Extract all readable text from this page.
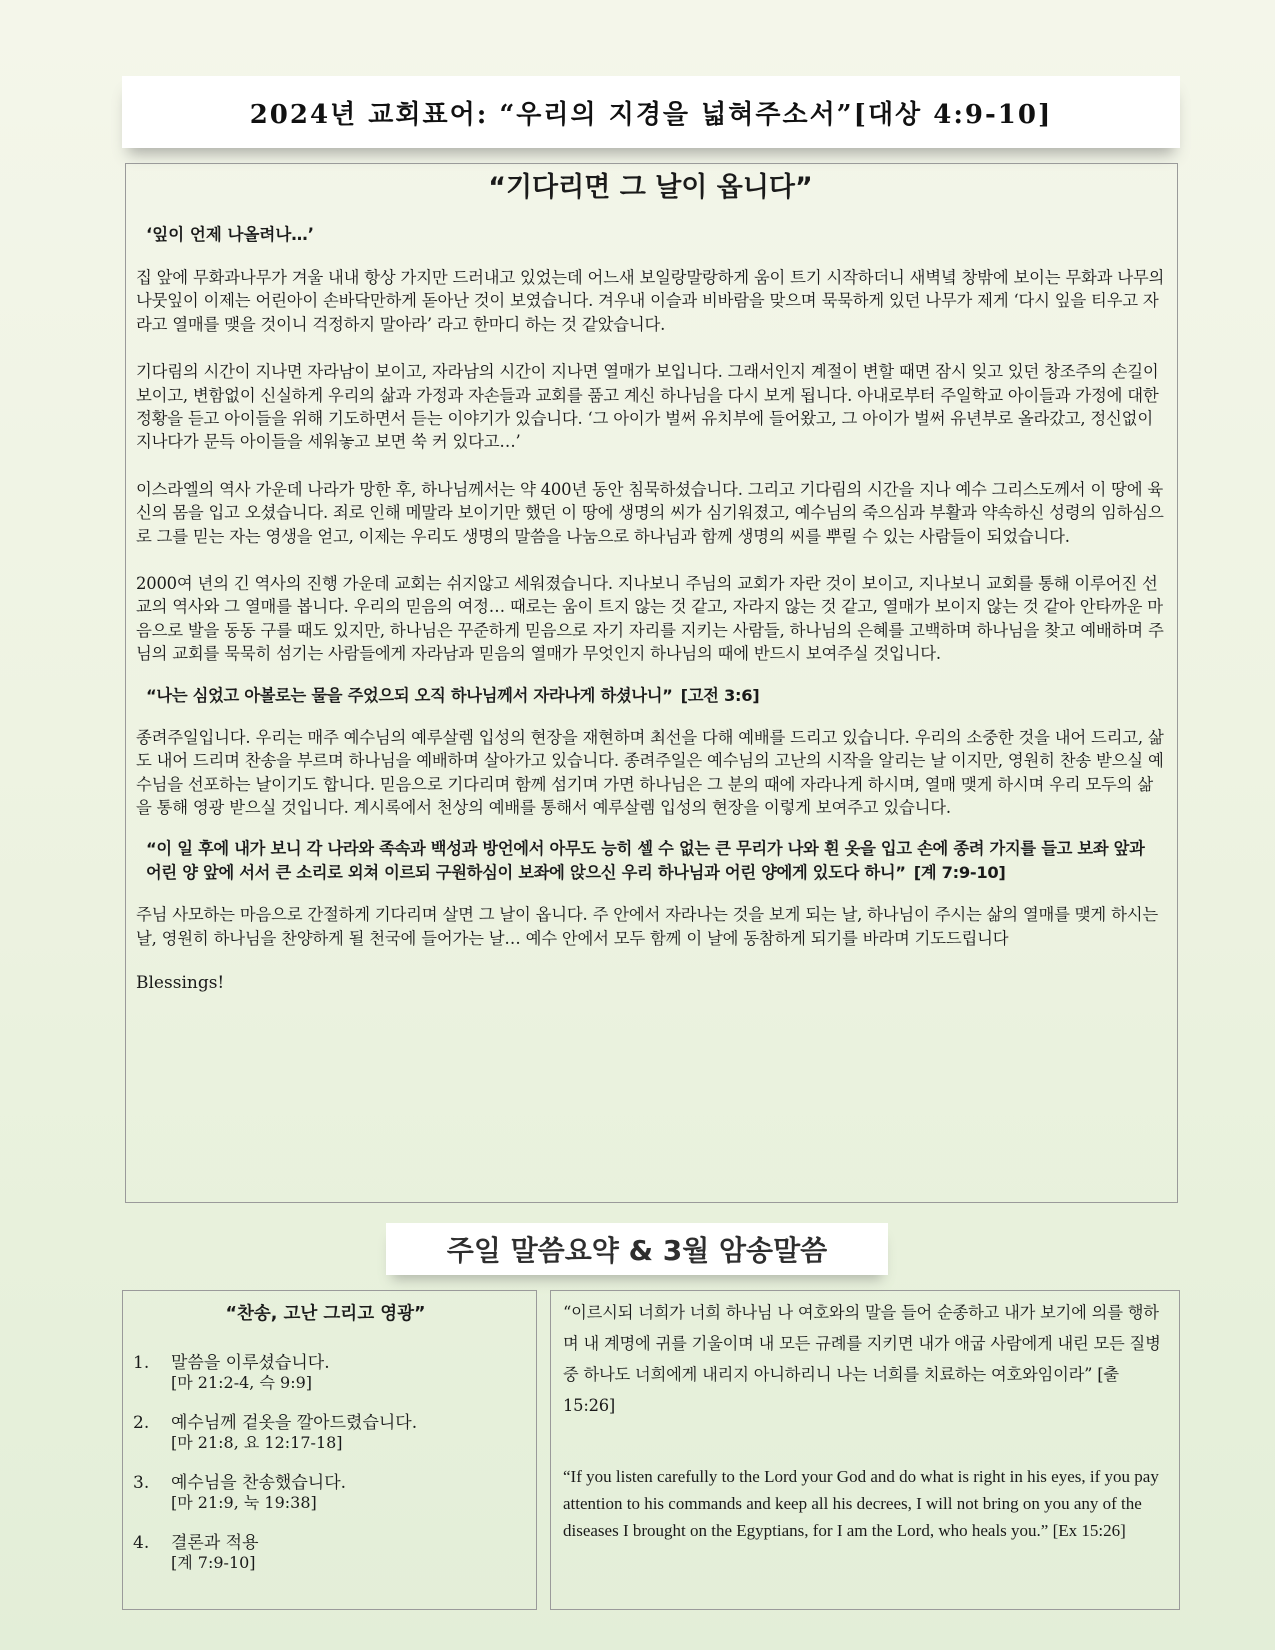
2024년 교회표어: “우리의 지경을 넓혀주소서”[대상 4:9-10]
“기다리면 그 날이 옵니다”

‘잎이 언제 나올려나…’

집 앞에 무화과나무가 겨울 내내 항상 가지만 드러내고 있었는데 어느새 보일랑말랑하게 움이 트기 시작하더니 새벽녘 창밖에 보이는 무화과 나무의 나뭇잎이 이제는 어린아이 손바닥만하게 돋아난 것이 보였습니다. 겨우내 이슬과 비바람을 맞으며 묵묵하게 있던 나무가 제게 ‘다시 잎을 티우고 자라고 열매를 맺을 것이니 걱정하지 말아라’ 라고 한마디 하는 것 같았습니다.

기다림의 시간이 지나면 자라남이 보이고, 자라남의 시간이 지나면 열매가 보입니다. 그래서인지 계절이 변할 때면 잠시 잊고 있던 창조주의 손길이 보이고, 변함없이 신실하게 우리의 삶과 가정과 자손들과 교회를 품고 계신 하나님을 다시 보게 됩니다. 아내로부터 주일학교 아이들과 가정에 대한 정황을 듣고 아이들을 위해 기도하면서 듣는 이야기가 있습니다. ‘그 아이가 벌써 유치부에 들어왔고, 그 아이가 벌써 유년부로 올라갔고, 정신없이 지나다가 문득 아이들을 세워놓고 보면 쑥 커 있다고…’

이스라엘의 역사 가운데 나라가 망한 후, 하나님께서는 약 400년 동안 침묵하셨습니다. 그리고 기다림의 시간을 지나 예수 그리스도께서 이 땅에 육신의 몸을 입고 오셨습니다. 죄로 인해 메말라 보이기만 했던 이 땅에 생명의 씨가 심기워졌고, 예수님의 죽으심과 부활과 약속하신 성령의 임하심으로 그를 믿는 자는 영생을 얻고, 이제는 우리도 생명의 말씀을 나눔으로 하나님과 함께 생명의 씨를 뿌릴 수 있는 사람들이 되었습니다.

2000여 년의 긴 역사의 진행 가운데 교회는 쉬지않고 세워졌습니다. 지나보니 주님의 교회가 자란 것이 보이고, 지나보니 교회를 통해 이루어진 선교의 역사와 그 열매를 봅니다. 우리의 믿음의 여정… 때로는 움이 트지 않는 것 같고, 자라지 않는 것 같고, 열매가 보이지 않는 것 같아 안타까운 마음으로 발을 동동 구를 때도 있지만, 하나님은 꾸준하게 믿음으로 자기 자리를 지키는 사람들, 하나님의 은혜를 고백하며 하나님을 찾고 예배하며 주님의 교회를 묵묵히 섬기는 사람들에게 자라남과 믿음의 열매가 무엇인지 하나님의 때에 반드시 보여주실 것입니다.

“나는 심었고 아볼로는 물을 주었으되 오직 하나님께서 자라나게 하셨나니” [고전 3:6]

종려주일입니다. 우리는 매주 예수님의 예루살렘 입성의 현장을 재현하며 최선을 다해 예배를 드리고 있습니다. 우리의 소중한 것을 내어 드리고, 삶도 내어 드리며 찬송을 부르며 하나님을 예배하며 살아가고 있습니다. 종려주일은 예수님의 고난의 시작을 알리는 날 이지만, 영원히 찬송 받으실 예수님을 선포하는 날이기도 합니다. 믿음으로 기다리며 함께 섬기며 가면 하나님은 그 분의 때에 자라나게 하시며, 열매 맺게 하시며 우리 모두의 삶을 통해 영광 받으실 것입니다. 계시록에서 천상의 예배를 통해서 예루살렘 입성의 현장을 이렇게 보여주고 있습니다.

“이 일 후에 내가 보니 각 나라와 족속과 백성과 방언에서 아무도 능히 셀 수 없는 큰 무리가 나와 흰 옷을 입고 손에 종려 가지를 들고 보좌 앞과 어린 양 앞에 서서 큰 소리로 외쳐 이르되 구원하심이 보좌에 앉으신 우리 하나님과 어린 양에게 있도다 하니” [계 7:9-10]

주님 사모하는 마음으로 간절하게 기다리며 살면 그 날이 옵니다. 주 안에서 자라나는 것을 보게 되는 날, 하나님이 주시는 삶의 열매를 맺게 하시는 날, 영원히 하나님을 찬양하게 될 천국에 들어가는 날… 예수 안에서 모두 함께 이 날에 동참하게 되기를 바라며 기도드립니다

Blessings!

주일 말씀요약 & 3월 암송말씀
“찬송, 고난 그리고 영광”
1.	말씀을 이루셨습니다.
[마 21:2-4, 슥 9:9]
2.	예수님께 겉옷을 깔아드렸습니다.
[마 21:8, 요 12:17-18]
3.	예수님을 찬송했습니다.
[마 21:9, 눅 19:38]
4.	결론과 적용
[계 7:9-10]

“이르시되 너희가 너희 하나님 나 여호와의 말을 들어 순종하고 내가 보기에 의를 행하며 내 계명에 귀를 기울이며 내 모든 규례를 지키면 내가 애굽 사람에게 내린 모든 질병 중 하나도 너희에게 내리지 아니하리니 나는 너희를 치료하는 여호와임이라” [출 15:26]

“If you listen carefully to the Lord your God and do what is right in his eyes, if you pay attention to his commands and keep all his decrees, I will not bring on you any of the diseases I brought on the Egyptians, for I am the Lord, who heals you.” [Ex 15:26]
